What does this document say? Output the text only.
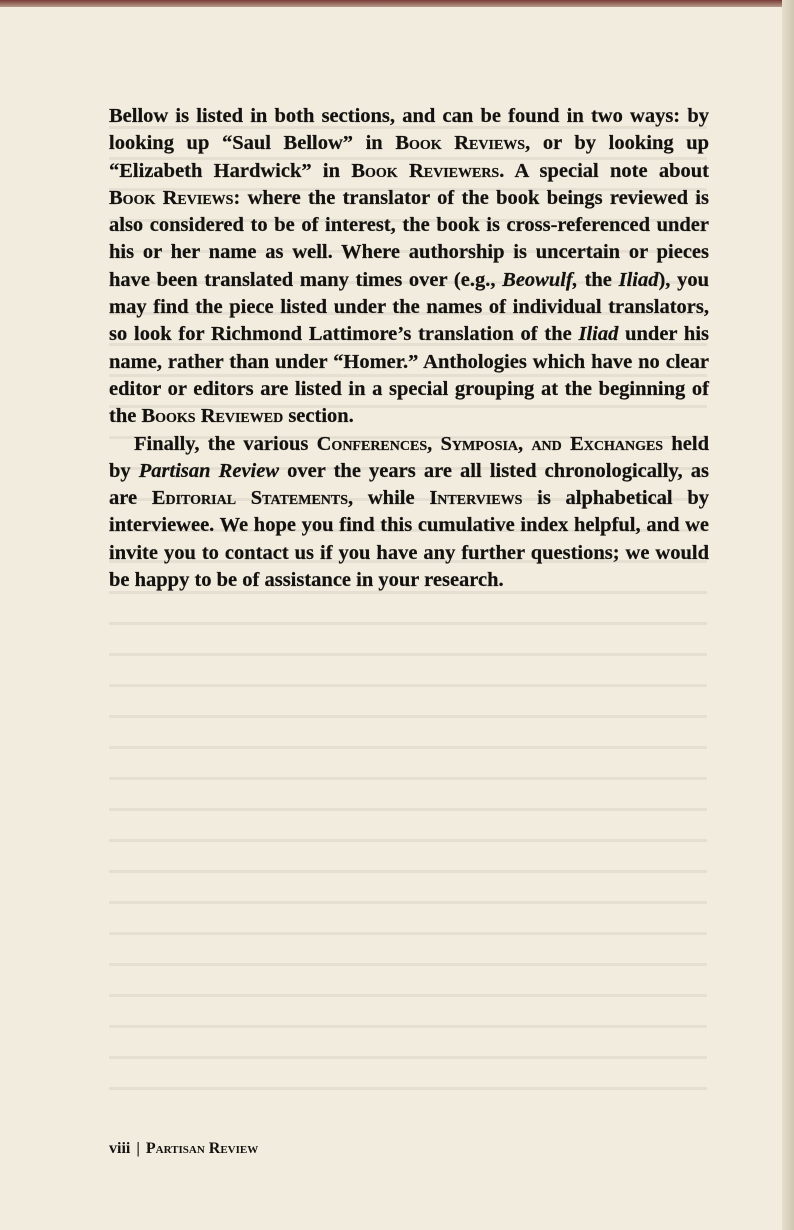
Bellow is listed in both sections, and can be found in two ways: by looking up “Saul Bellow” in Book Reviews, or by looking up “Elizabeth Hardwick” in Book Reviewers. A special note about Book Reviews: where the translator of the book beings reviewed is also considered to be of interest, the book is cross-referenced under his or her name as well. Where authorship is uncertain or pieces have been translated many times over (e.g., Beowulf, the Iliad), you may find the piece listed under the names of individual translators, so look for Richmond Lattimore’s translation of the Iliad under his name, rather than under “Homer.” Anthologies which have no clear editor or editors are listed in a special grouping at the beginning of the Books Reviewed section.

Finally, the various Conferences, Symposia, and Exchanges held by Partisan Review over the years are all listed chronologically, as are Editorial Statements, while Interviews is alphabetical by interviewee. We hope you find this cumulative index helpful, and we invite you to contact us if you have any further questions; we would be happy to be of assistance in your research.

viii | Partisan Review
